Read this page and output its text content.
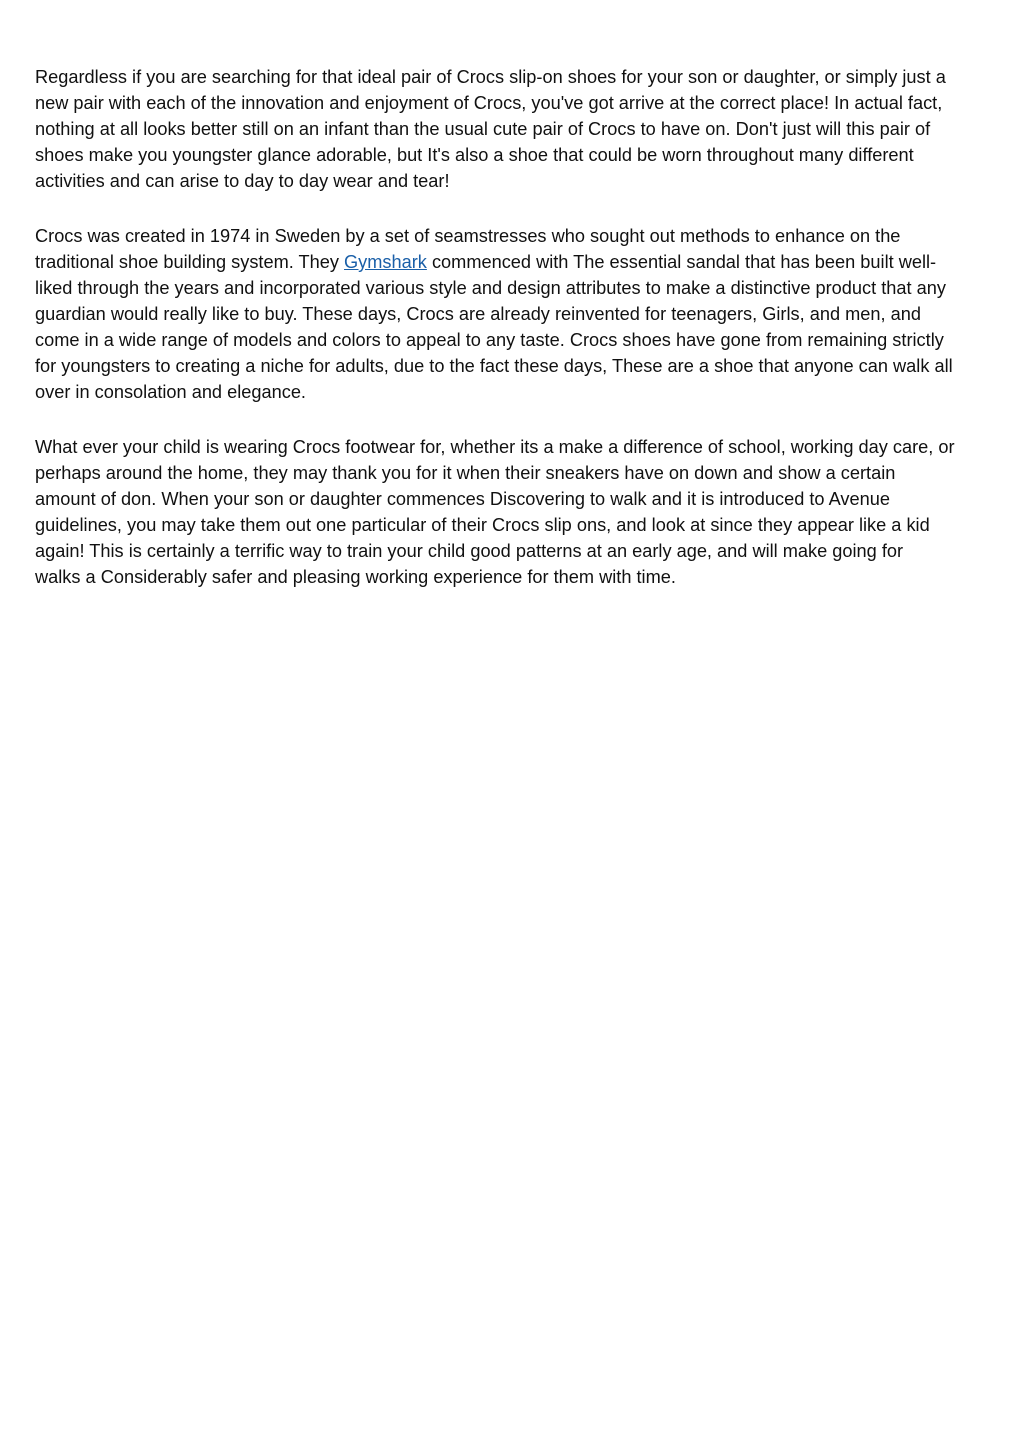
Regardless if you are searching for that ideal pair of Crocs slip-on shoes for your son or daughter, or simply just a
new pair with each of the innovation and enjoyment of Crocs, you've got arrive at the correct place! In actual fact,
nothing at all looks better still on an infant than the usual cute pair of Crocs to have on. Don't just will this pair of
shoes make you youngster glance adorable, but It's also a shoe that could be worn throughout many different
activities and can arise to day to day wear and tear!

Crocs was created in 1974 in Sweden by a set of seamstresses who sought out methods to enhance on the
traditional shoe building system. They Gymshark commenced with The essential sandal that has been built well-
liked through the years and incorporated various style and design attributes to make a distinctive product that any
guardian would really like to buy. These days, Crocs are already reinvented for teenagers, Girls, and men, and
come in a wide range of models and colors to appeal to any taste. Crocs shoes have gone from remaining strictly
for youngsters to creating a niche for adults, due to the fact these days, These are a shoe that anyone can walk all
over in consolation and elegance.

What ever your child is wearing Crocs footwear for, whether its a make a difference of school, working day care, or
perhaps around the home, they may thank you for it when their sneakers have on down and show a certain
amount of don. When your son or daughter commences Discovering to walk and it is introduced to Avenue
guidelines, you may take them out one particular of their Crocs slip ons, and look at since they appear like a kid
again! This is certainly a terrific way to train your child good patterns at an early age, and will make going for
walks a Considerably safer and pleasing working experience for them with time.
